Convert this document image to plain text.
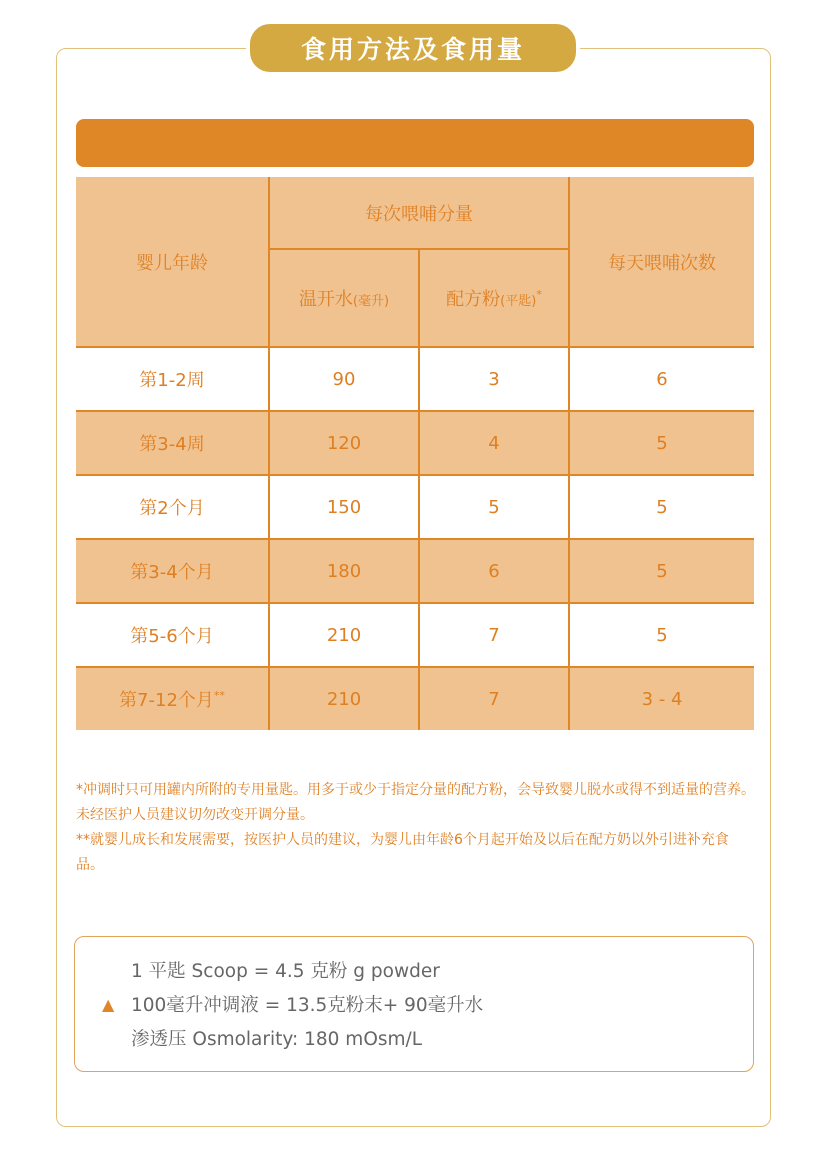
食用方法及食用量
婴儿年龄	每次喂哺分量		每天喂哺次数
	温开水(毫升)	配方粉(平匙)*
第1-2周	90	3	6
第3-4周	120	4	5
第2个月	150	5	5
第3-4个月	180	6	5
第5-6个月	210	7	5
第7-12个月**	210	7	3 - 4

*冲调时只可用罐内所附的专用量匙。用多于或少于指定分量的配方粉，会导致婴儿脱水或得不到适量的营养。未经医护人员建议切勿改变开调分量。

**就婴儿成长和发展需要，按医护人员的建议，为婴儿由年龄6个月起开始及以后在配方奶以外引进补充食品。

1 平匙 Scoop = 4.5 克粉 g powder
▲ 100毫升冲调液 = 13.5克粉末+ 90毫升水
渗透压 Osmolarity: 180 mOsm/L
